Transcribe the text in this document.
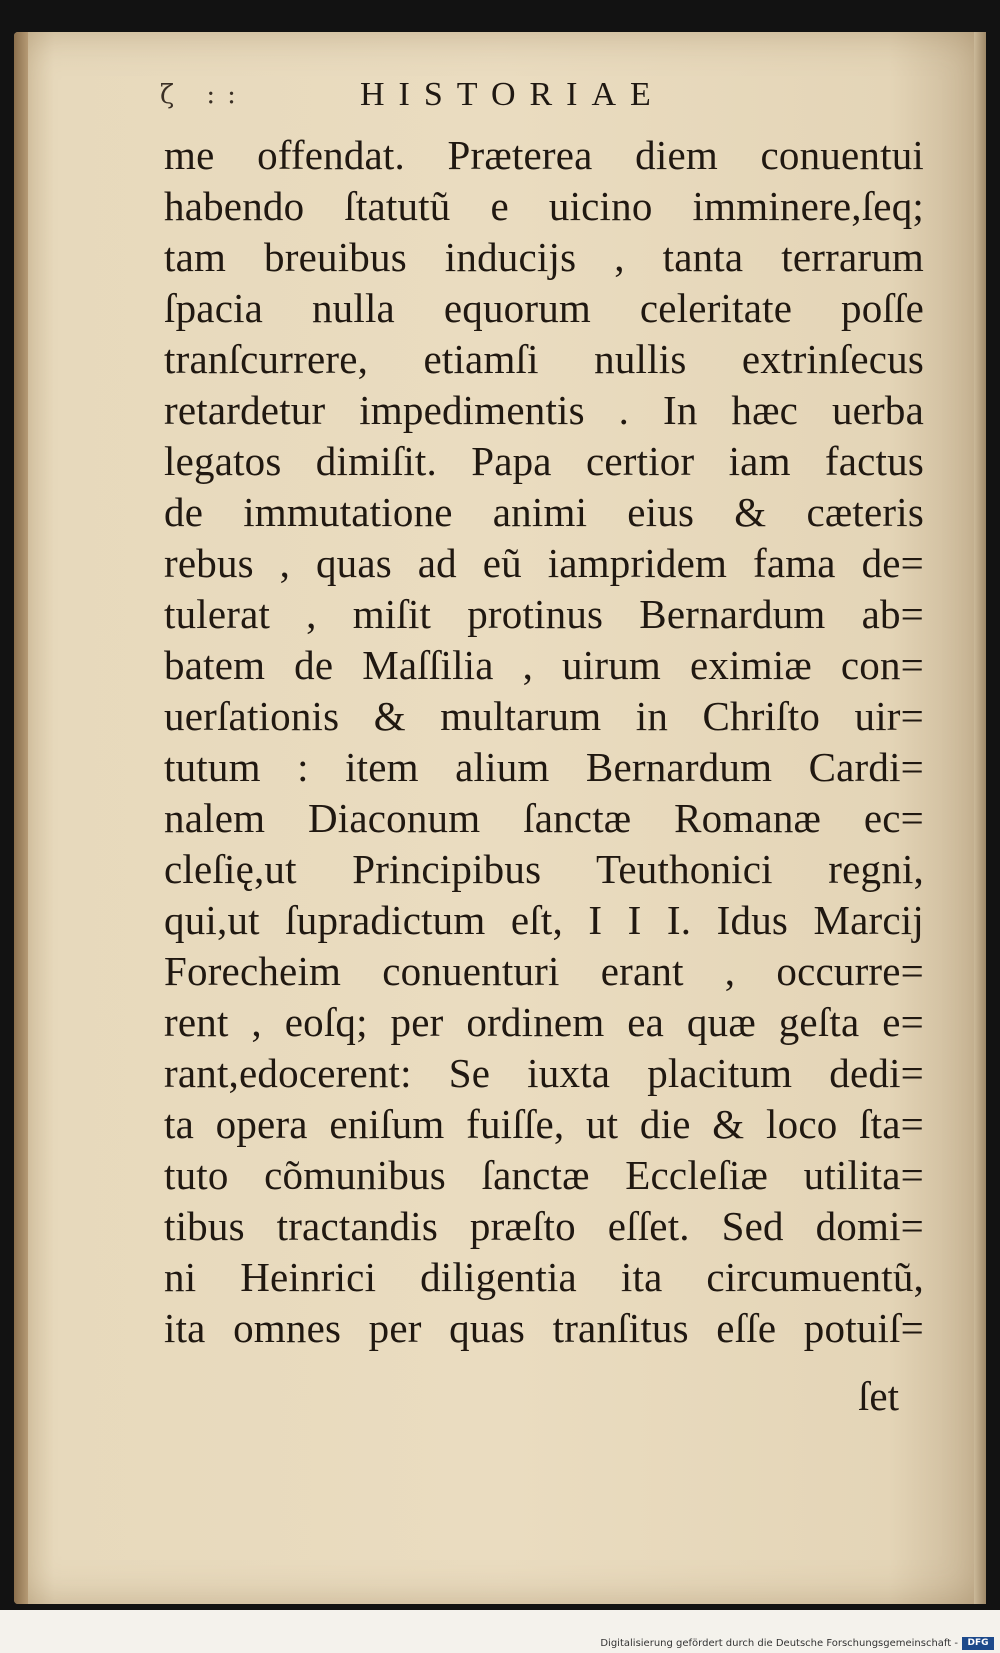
ζ ::	HISTORIAE
me offendat. Præterea diem conuentui
habendo ſtatutũ e uicino imminere,ſeq;
tam breuibus inducijs , tanta terrarum
ſpacia nulla equorum celeritate poſſe
tranſcurrere, etiamſi nullis extrinſecus
retardetur impedimentis . In hæc uerba
legatos dimiſit. Papa certior iam factus
de immutatione animi eius & cæteris
rebus , quas ad eũ iampridem fama de=
tulerat , miſit protinus Bernardum ab=
batem de Maſſilia , uirum eximiæ con=
uerſationis & multarum in Chriſto uir=
tutum : item alium Bernardum Cardi=
nalem Diaconum ſanctæ Romanæ ec=
cleſię,ut Principibus Teuthonici regni,
qui,ut ſupradictum eſt, I I I. Idus Marcij
Forecheim conuenturi erant , occurre=
rent , eoſq; per ordinem ea quæ geſta e=
rant,edocerent: Se iuxta placitum dedi=
ta opera eniſum fuiſſe, ut die & loco ſta=
tuto cõmunibus ſanctæ Eccleſiæ utilita=
tibus tractandis præſto eſſet. Sed domi=
ni Heinrici diligentia ita circumuentũ,
ita omnes per quas tranſitus eſſe potuiſ=
ſet
Digitalisierung gefördert durch die Deutsche Forschungsgemeinschaft -	DFG
